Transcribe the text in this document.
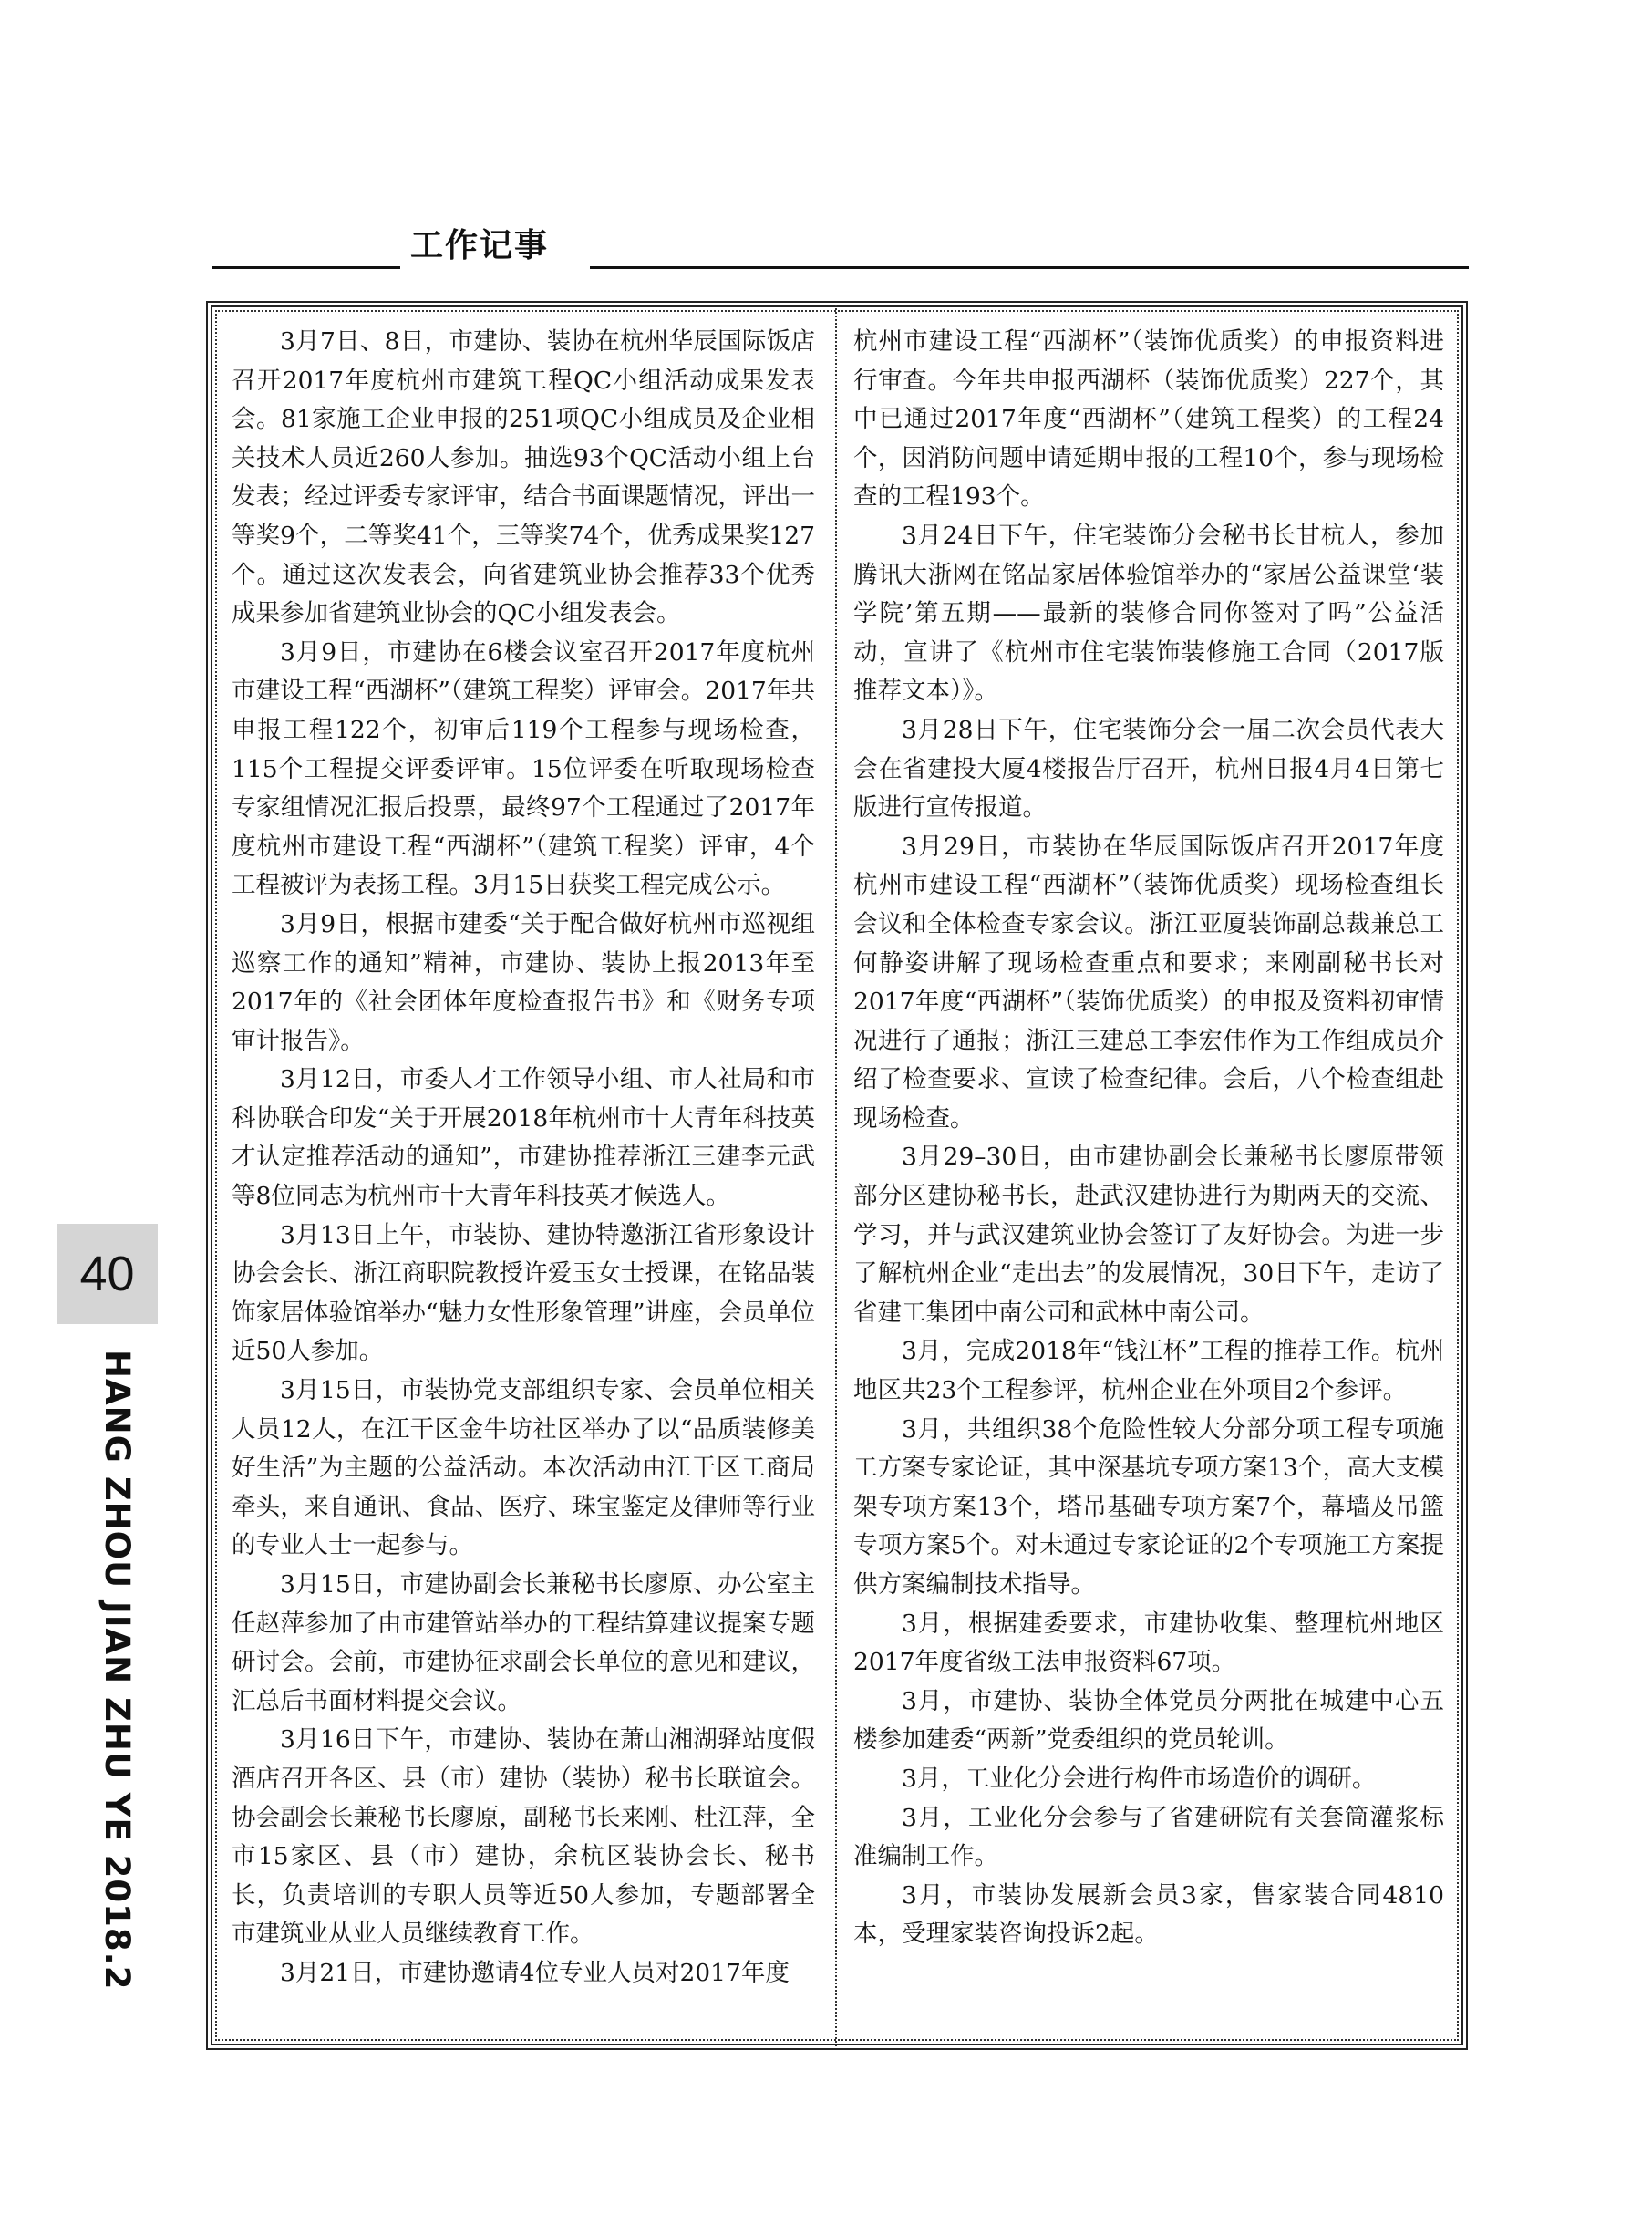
工作记事

3月7日、8日，市建协、装协在杭州华辰国际饭店召开2017年度杭州市建筑工程QC小组活动成果发表会。81家施工企业申报的251项QC小组成员及企业相关技术人员近260人参加。抽选93个QC活动小组上台发表；经过评委专家评审，结合书面课题情况，评出一等奖9个，二等奖41个，三等奖74个，优秀成果奖127个。通过这次发表会，向省建筑业协会推荐33个优秀成果参加省建筑业协会的QC小组发表会。

3月9日，市建协在6楼会议室召开2017年度杭州市建设工程“西湖杯”（建筑工程奖）评审会。2017年共申报工程122个，初审后119个工程参与现场检查，115个工程提交评委评审。15位评委在听取现场检查专家组情况汇报后投票，最终97个工程通过了2017年度杭州市建设工程“西湖杯”（建筑工程奖）评审，4个工程被评为表扬工程。3月15日获奖工程完成公示。

3月9日，根据市建委“关于配合做好杭州市巡视组巡察工作的通知”精神，市建协、装协上报2013年至2017年的《社会团体年度检查报告书》和《财务专项审计报告》。

3月12日，市委人才工作领导小组、市人社局和市科协联合印发“关于开展2018年杭州市十大青年科技英才认定推荐活动的通知”，市建协推荐浙江三建李元武等8位同志为杭州市十大青年科技英才候选人。

3月13日上午，市装协、建协特邀浙江省形象设计协会会长、浙江商职院教授许爱玉女士授课，在铭品装饰家居体验馆举办“魅力女性形象管理”讲座，会员单位近50人参加。

3月15日，市装协党支部组织专家、会员单位相关人员12人，在江干区金牛坊社区举办了以“品质装修美好生活”为主题的公益活动。本次活动由江干区工商局牵头，来自通讯、食品、医疗、珠宝鉴定及律师等行业的专业人士一起参与。

3月15日，市建协副会长兼秘书长廖原、办公室主任赵萍参加了由市建管站举办的工程结算建议提案专题研讨会。会前，市建协征求副会长单位的意见和建议，汇总后书面材料提交会议。

3月16日下午，市建协、装协在萧山湘湖驿站度假酒店召开各区、县（市）建协（装协）秘书长联谊会。协会副会长兼秘书长廖原，副秘书长来刚、杜江萍，全市15家区、县（市）建协，余杭区装协会长、秘书长，负责培训的专职人员等近50人参加，专题部署全市建筑业从业人员继续教育工作。

3月21日，市建协邀请4位专业人员对2017年度

杭州市建设工程“西湖杯”（装饰优质奖）的申报资料进行审查。今年共申报西湖杯（装饰优质奖）227个，其中已通过2017年度“西湖杯”（建筑工程奖）的工程24个，因消防问题申请延期申报的工程10个，参与现场检查的工程193个。

3月24日下午，住宅装饰分会秘书长甘杭人，参加腾讯大浙网在铭品家居体验馆举办的“家居公益课堂‘装学院’第五期——最新的装修合同你签对了吗”公益活动，宣讲了《杭州市住宅装饰装修施工合同（2017版推荐文本）》。

3月28日下午，住宅装饰分会一届二次会员代表大会在省建投大厦4楼报告厅召开，杭州日报4月4日第七版进行宣传报道。

3月29日，市装协在华辰国际饭店召开2017年度杭州市建设工程“西湖杯”（装饰优质奖）现场检查组长会议和全体检查专家会议。浙江亚厦装饰副总裁兼总工何静姿讲解了现场检查重点和要求；来刚副秘书长对2017年度“西湖杯”（装饰优质奖）的申报及资料初审情况进行了通报；浙江三建总工李宏伟作为工作组成员介绍了检查要求、宣读了检查纪律。会后，八个检查组赴现场检查。

3月29–30日，由市建协副会长兼秘书长廖原带领部分区建协秘书长，赴武汉建协进行为期两天的交流、学习，并与武汉建筑业协会签订了友好协会。为进一步了解杭州企业“走出去”的发展情况，30日下午，走访了省建工集团中南公司和武林中南公司。

3月，完成2018年“钱江杯”工程的推荐工作。杭州地区共23个工程参评，杭州企业在外项目2个参评。

3月，共组织38个危险性较大分部分项工程专项施工方案专家论证，其中深基坑专项方案13个，高大支模架专项方案13个，塔吊基础专项方案7个，幕墙及吊篮专项方案5个。对未通过专家论证的2个专项施工方案提供方案编制技术指导。

3月，根据建委要求，市建协收集、整理杭州地区2017年度省级工法申报资料67项。

3月，市建协、装协全体党员分两批在城建中心五楼参加建委“两新”党委组织的党员轮训。

3月，工业化分会进行构件市场造价的调研。

3月，工业化分会参与了省建研院有关套筒灌浆标准编制工作。

3月，市装协发展新会员3家，售家装合同4810本，受理家装咨询投诉2起。

40
HANG ZHOU JIAN ZHU YE 2018.2
